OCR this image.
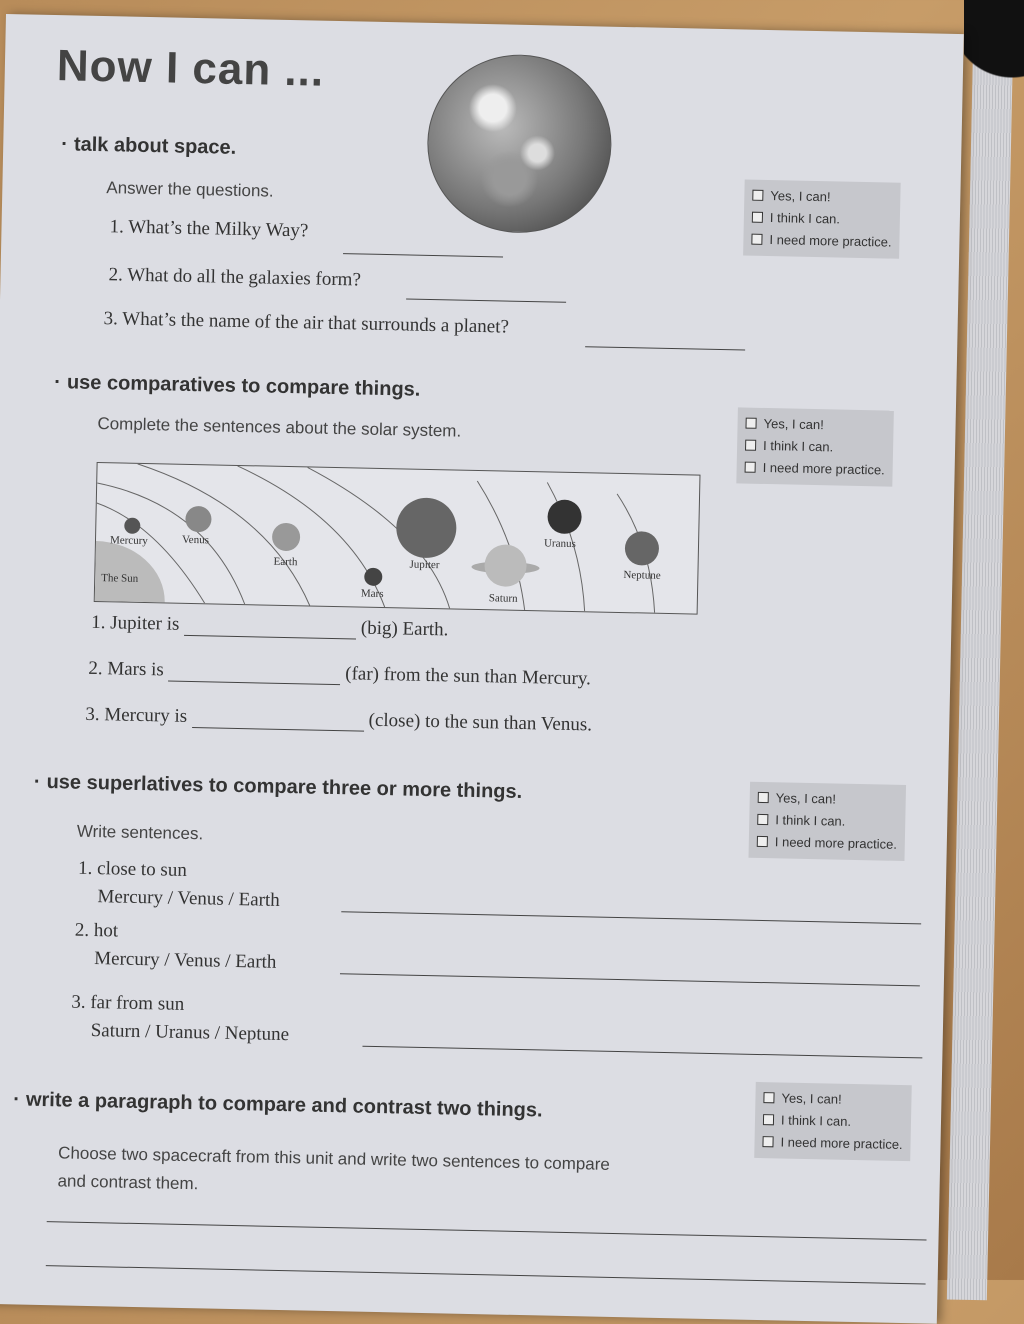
Now I can ...
· talk about space.

Answer the questions.

1. What’s the Milky Way?

2. What do all the galaxies form?

3. What’s the name of the air that surrounds a planet?

Yes, I can!
I think I can.
I need more practice.
· use comparatives to compare things.

Complete the sentences about the solar system.	Yes, I can!
I think I can.
I need more practice.
The Sun
Mercury	Venus
Earth
Mars
Jupiter
Saturn
Uranus
Neptune

1. Jupiter is	(big) Earth.

2. Mars is	(far) from the sun than Mercury.

3. Mercury is	(close) to the sun than Venus.

· use superlatives to compare three or more things.

Write sentences.

Yes, I can!
I think I can.
I need more practice.

1. close to sun

Mercury / Venus / Earth

2. hot

Mercury / Venus / Earth

3. far from sun

Saturn / Uranus / Neptune

· write a paragraph to compare and contrast two things.	Yes, I can!
I think I can.
I need more practice.

Choose two spacecraft from this unit and write two sentences to compare

and contrast them.
